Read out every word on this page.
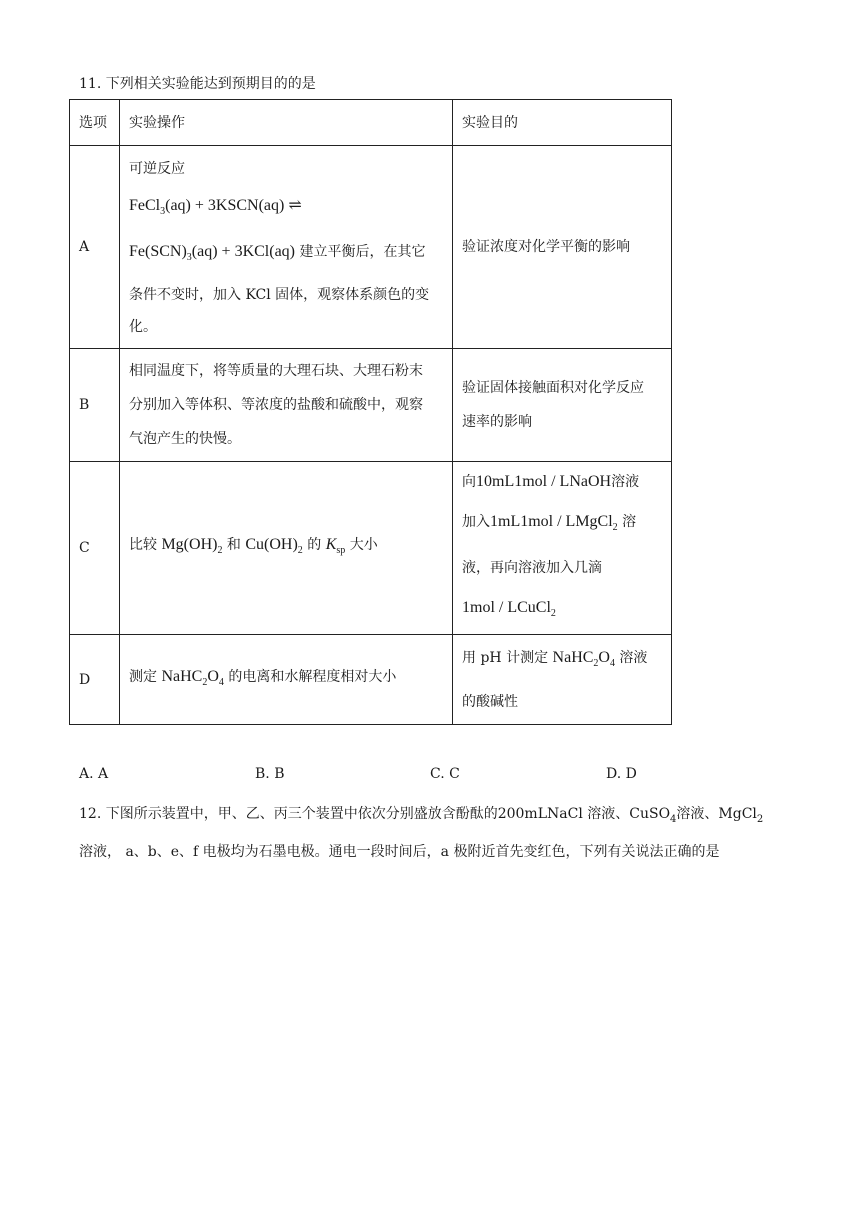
11. 下列相关实验能达到预期目的的是
选项	实验操作	实验目的
A	可逆反应
FeCl$_3$(aq) + 3KSCN(aq) ⇌
$Fe(SCN)_3(aq) + 3KCl(aq)$ 建立平衡后，在其它
条件不变时，加入 KCl 固体，观察体系颜色的变
化。	验证浓度对化学平衡的影响
B	相同温度下，将等质量的大理石块、大理石粉末
分别加入等体积、等浓度的盐酸和硫酸中，观察
气泡产生的快慢。	验证固体接触面积对化学反应
速率的影响

C	比较 $Mg(OH)_2$ 和 $Cu(OH)_2$ 的 $K_{sp}$ 大小	向10mL1mol / LNaOH溶液
加入1mL1mol / LMgCl$_2$ 溶
液，再向溶液加入几滴
1mol / LCuCl$_2$

D	测定 $NaHC_2O_4$ 的电离和水解程度相对大小	用 pH 计测定 $NaHC_2O_4$ 溶液
的酸碱性
A. A	B. B	C. C	D. D
12. 下图所示装置中，甲、乙、丙三个装置中依次分别盛放含酚酞的200mLNaCl 溶液、CuSO$_4$溶液、MgCl$_2$
溶液， a、b、e、f 电极均为石墨电极。通电一段时间后，a 极附近首先变红色，下列有关说法正确的是
